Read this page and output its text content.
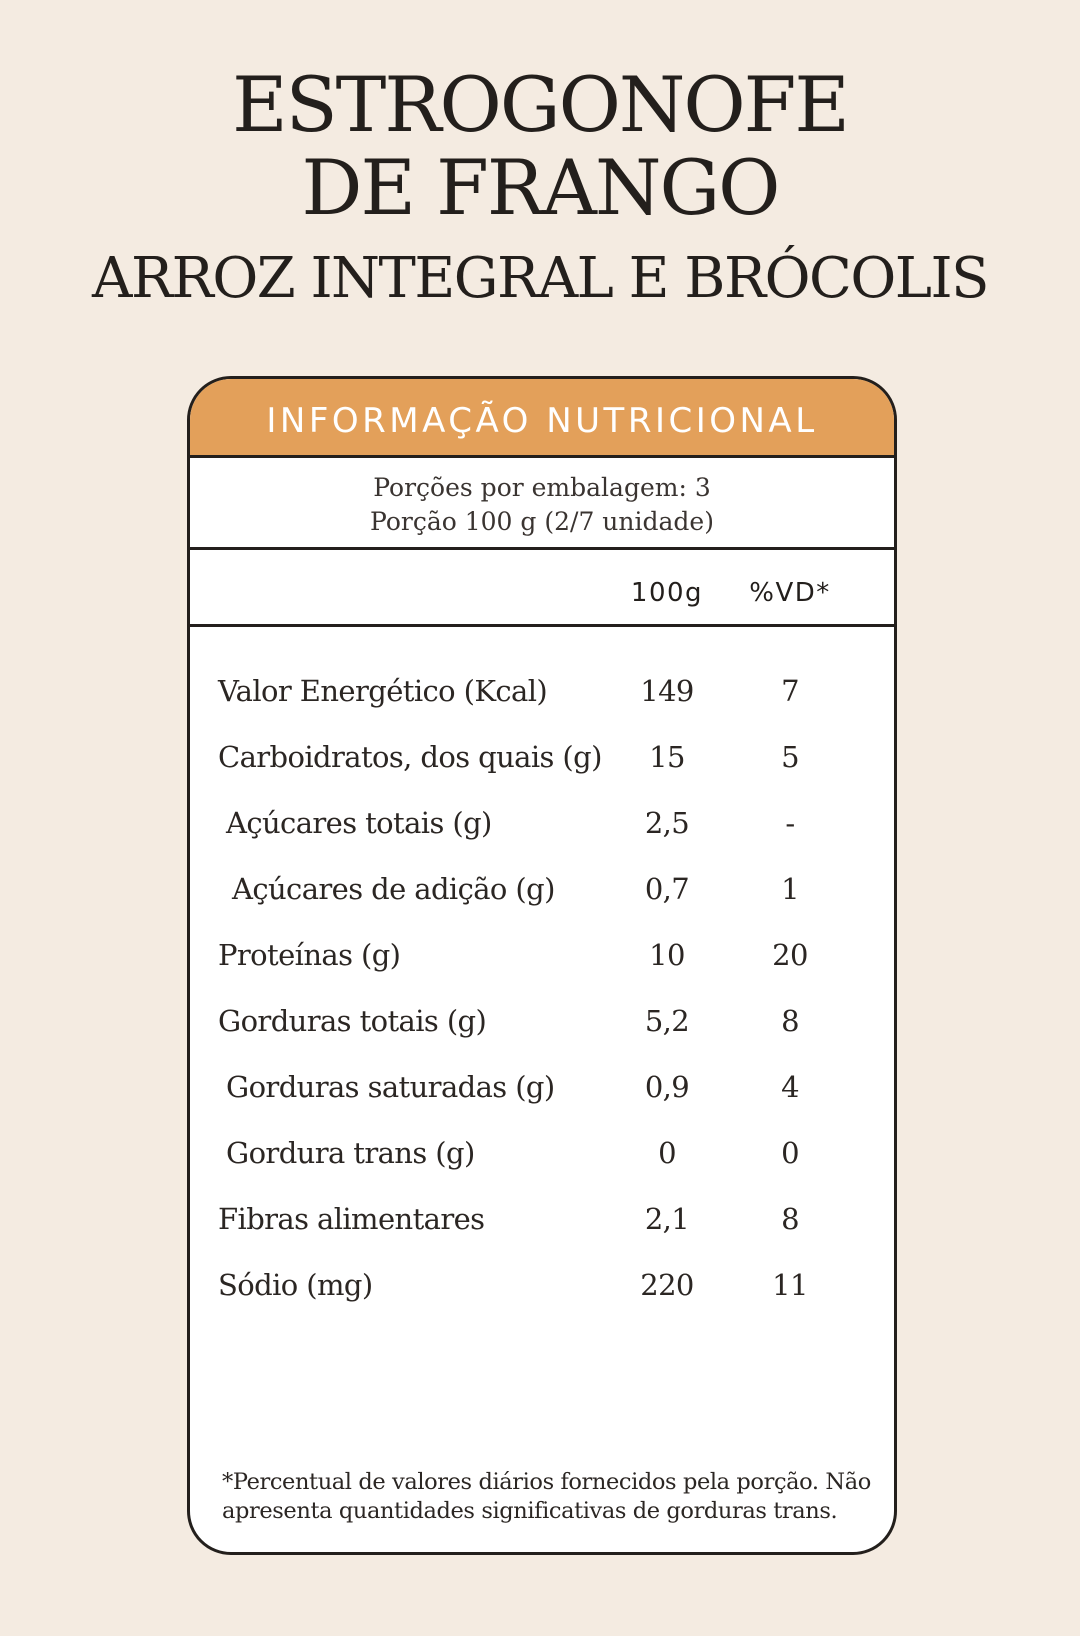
ESTROGONOFE
DE FRANGO
ARROZ INTEGRAL E BRÓCOLIS
INFORMAÇÃO NUTRICIONAL
Porções por embalagem: 3
Porção 100 g (2/7 unidade)
100g	%VD*
Valor Energético (Kcal)	149	7
Carboidratos, dos quais (g)	15	5
Açúcares totais (g)	2,5	-
Açúcares de adição (g)	0,7	1
Proteínas (g)	10	20
Gorduras totais (g)	5,2	8
Gorduras saturadas (g)	0,9	4
Gordura trans (g)	0	0
Fibras alimentares	2,1	8
Sódio (mg)	220	11
*Percentual de valores diários fornecidos pela porção. Não apresenta quantidades significativas de gorduras trans.
